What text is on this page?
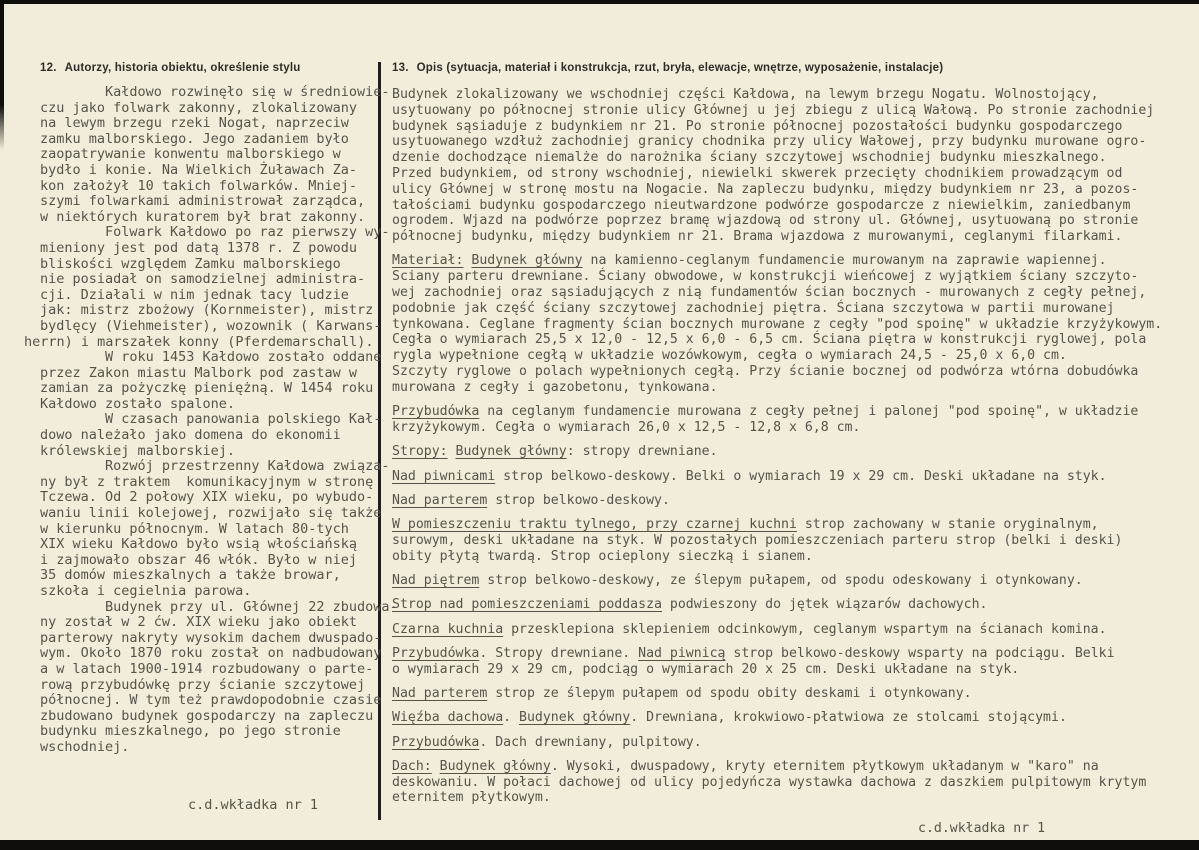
12. Autorzy, historia obiektu, określenie stylu
Kałdowo rozwinęło się w średniowie-
czu jako folwark zakonny, zlokalizowany
na lewym brzegu rzeki Nogat, naprzeciw
zamku malborskiego. Jego zadaniem było
zaopatrywanie konwentu malborskiego w
bydło i konie. Na Wielkich Żuławach Za-
kon założył 10 takich folwarków. Mniej-
szymi folwarkami administrował zarządca,
w niektórych kuratorem był brat zakonny.
Folwark Kałdowo po raz pierwszy wy-
mieniony jest pod datą 1378 r. Z powodu
bliskości względem Zamku malborskiego
nie posiadał on samodzielnej administra-
cji. Działali w nim jednak tacy ludzie
jak: mistrz zbożowy (Kornmeister), mistrz
bydlęcy (Viehmeister), wozownik ( Karwans-
herrn) i marszałek konny (Pferdemarschall).
W roku 1453 Kałdowo zostało oddane
przez Zakon miastu Malbork pod zastaw w
zamian za pożyczkę pieniężną. W 1454 roku
Kałdowo zostało spalone.
W czasach panowania polskiego Kał-
dowo należało jako domena do ekonomii
królewskiej malborskiej.
Rozwój przestrzenny Kałdowa związa-
ny był z traktem  komunikacyjnym w stronę
Tczewa. Od 2 połowy XIX wieku, po wybudo-
waniu linii kolejowej, rozwijało się także
w kierunku północnym. W latach 80-tych
XIX wieku Kałdowo było wsią włościańską
i zajmowało obszar 46 włók. Było w niej
35 domów mieszkalnych a także browar,
szkoła i cegielnia parowa.
Budynek przy ul. Głównej 22 zbudowa-
ny został w 2 ćw. XIX wieku jako obiekt
parterowy nakryty wysokim dachem dwuspado-
wym. Około 1870 roku został on nadbudowany
a w latach 1900-1914 rozbudowany o parte-
rową przybudówkę przy ścianie szczytowej
północnej. W tym też prawdopodobnie czasie
zbudowano budynek gospodarczy na zapleczu
budynku mieszkalnego, po jego stronie
wschodniej.
13. Opis (sytuacja, materiał i konstrukcja, rzut, bryła, elewacje, wnętrze, wyposażenie, instalacje)
Budynek zlokalizowany we wschodniej części Kałdowa, na lewym brzegu Nogatu. Wolnostojący,
usytuowany po północnej stronie ulicy Głównej u jej zbiegu z ulicą Wałową. Po stronie zachodniej
budynek sąsiaduje z budynkiem nr 21. Po stronie północnej pozostałości budynku gospodarczego
usytuowanego wzdłuż zachodniej granicy chodnika przy ulicy Wałowej, przy budynku murowane ogro-
dzenie dochodzące niemalże do narożnika ściany szczytowej wschodniej budynku mieszkalnego.
Przed budynkiem, od strony wschodniej, niewielki skwerek przecięty chodnikiem prowadzącym od
ulicy Głównej w stronę mostu na Nogacie. Na zapleczu budynku, między budynkiem nr 23, a pozos-
tałościami budynku gospodarczego nieutwardzone podwórze gospodarcze z niewielkim, zaniedbanym
ogrodem. Wjazd na podwórze poprzez bramę wjazdową od strony ul. Głównej, usytuowaną po stronie
północnej budynku, między budynkiem nr 21. Brama wjazdowa z murowanymi, ceglanymi filarkami.
Materiał: Budynek główny na kamienno-ceglanym fundamencie murowanym na zaprawie wapiennej.
Sciany parteru drewniane. Ściany obwodowe, w konstrukcji wieńcowej z wyjątkiem ściany szczyto-
wej zachodniej oraz sąsiadujących z nią fundamentów ścian bocznych - murowanych z cegły pełnej,
podobnie jak część ściany szczytowej zachodniej piętra. Ściana szczytowa w partii murowanej
tynkowana. Ceglane fragmenty ścian bocznych murowane z cegły "pod spoinę" w układzie krzyżykowym.
Cegła o wymiarach 25,5 x 12,0 - 12,5 x 6,0 - 6,5 cm. Ściana piętra w konstrukcji ryglowej, pola
rygla wypełnione cegłą w układzie wozówkowym, cegła o wymiarach 24,5 - 25,0 x 6,0 cm.
Szczyty ryglowe o polach wypełnionych cegłą. Przy ścianie bocznej od podwórza wtórna dobudówka
murowana z cegły i gazobetonu, tynkowana.
Przybudówka na ceglanym fundamencie murowana z cegły pełnej i palonej "pod spoinę", w układzie
krzyżykowym. Cegła o wymiarach 26,0 x 12,5 - 12,8 x 6,8 cm.
Stropy: Budynek główny: stropy drewniane.
Nad piwnicami strop belkowo-deskowy. Belki o wymiarach 19 x 29 cm. Deski układane na styk.
Nad parterem strop belkowo-deskowy.
W pomieszczeniu traktu tylnego, przy czarnej kuchni strop zachowany w stanie oryginalnym,
surowym, deski układane na styk. W pozostałych pomieszczeniach parteru strop (belki i deski)
obity płytą twardą. Strop ocieplony sieczką i sianem.
Nad piętrem strop belkowo-deskowy, ze ślepym pułapem, od spodu odeskowany i otynkowany.
Strop nad pomieszczeniami poddasza podwieszony do jętek wiązarów dachowych.
Czarna kuchnia przesklepiona sklepieniem odcinkowym, ceglanym wspartym na ścianach komina.
Przybudówka. Stropy drewniane. Nad piwnicą strop belkowo-deskowy wsparty na podciągu. Belki
o wymiarach 29 x 29 cm, podciąg o wymiarach 20 x 25 cm. Deski układane na styk.
Nad parterem strop ze ślepym pułapem od spodu obity deskami i otynkowany.
Więźba dachowa. Budynek główny. Drewniana, krokwiowo-płatwiowa ze stolcami stojącymi.
Przybudówka. Dach drewniany, pulpitowy.
Dach: Budynek główny. Wysoki, dwuspadowy, kryty eternitem płytkowym układanym w "karo" na
deskowaniu. W połaci dachowej od ulicy pojedyńcza wystawka dachowa z daszkiem pulpitowym krytym
eternitem płytkowym.
c.d.wkładka nr 1
c.d.wkładka nr 1
